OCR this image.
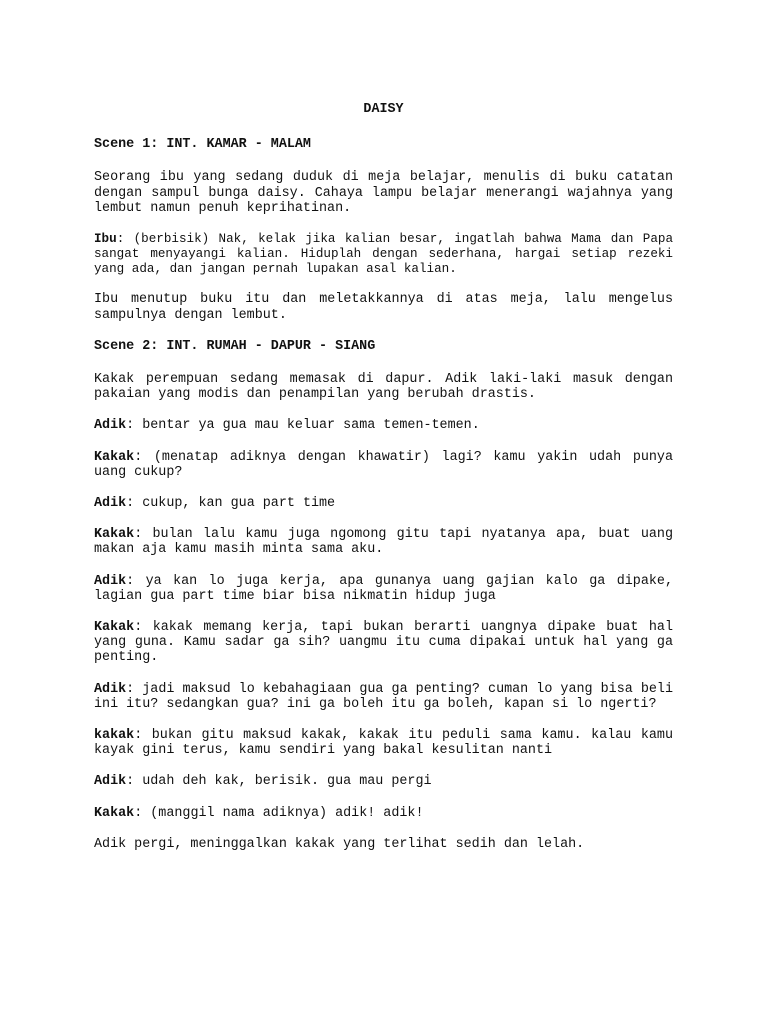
DAISY
Scene 1: INT. KAMAR - MALAM

Seorang ibu yang sedang duduk di meja belajar, menulis di buku catatan dengan sampul bunga daisy. Cahaya lampu belajar menerangi wajahnya yang lembut namun penuh keprihatinan.

Ibu: (berbisik) Nak, kelak jika kalian besar, ingatlah bahwa Mama dan Papa sangat menyayangi kalian. Hiduplah dengan sederhana, hargai setiap rezeki yang ada, dan jangan pernah lupakan asal kalian.

Ibu menutup buku itu dan meletakkannya di atas meja, lalu mengelus sampulnya dengan lembut.

Scene 2: INT. RUMAH - DAPUR - SIANG

Kakak perempuan sedang memasak di dapur. Adik laki-laki masuk dengan pakaian yang modis dan penampilan yang berubah drastis.

Adik: bentar ya gua mau keluar sama temen-temen.

Kakak: (menatap adiknya dengan khawatir) lagi? kamu yakin udah punya uang cukup?

Adik: cukup, kan gua part time

Kakak: bulan lalu kamu juga ngomong gitu tapi nyatanya apa, buat uang makan aja kamu masih minta sama aku.

Adik: ya kan lo juga kerja, apa gunanya uang gajian kalo ga dipake, lagian gua part time biar bisa nikmatin hidup juga

Kakak: kakak memang kerja, tapi bukan berarti uangnya dipake buat hal yang guna. Kamu sadar ga sih? uangmu itu cuma dipakai untuk hal yang ga penting.

Adik: jadi maksud lo kebahagiaan gua ga penting? cuman lo yang bisa beli ini itu? sedangkan gua? ini ga boleh itu ga boleh, kapan si lo ngerti?

kakak: bukan gitu maksud kakak, kakak itu peduli sama kamu. kalau kamu kayak gini terus, kamu sendiri yang bakal kesulitan nanti

Adik: udah deh kak, berisik. gua mau pergi

Kakak: (manggil nama adiknya) adik! adik!

Adik pergi, meninggalkan kakak yang terlihat sedih dan lelah.
